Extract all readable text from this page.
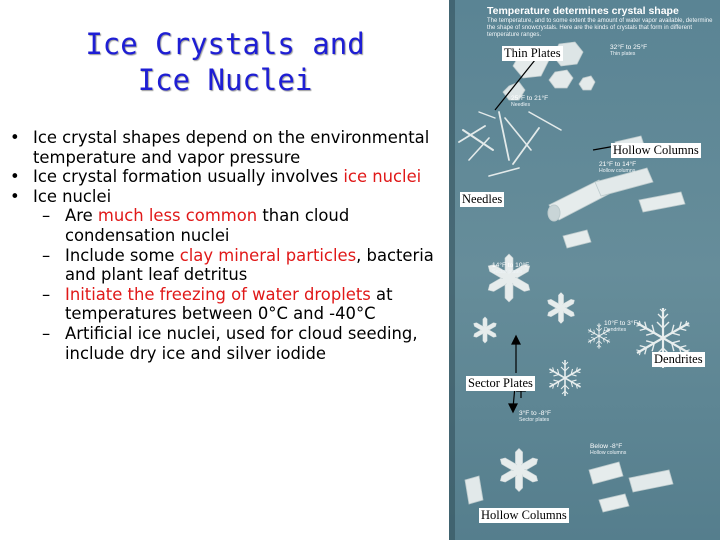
Ice Crystals and
Ice Nuclei
• Ice crystal shapes depend on the environmental temperature and vapor pressure
• Ice crystal formation usually involves ice nuclei
• Ice nuclei
– Are much less common than cloud condensation nuclei
– Include some clay mineral particles, bacteria and plant leaf detritus
– Initiate the freezing of water droplets at temperatures between 0°C and -40°C
– Artificial ice nuclei, used for cloud seeding, include dry ice and silver iodide
Temperature determines crystal shape
The temperature, and to some extent the amount of water vapor available, determine the shape of snowcrystals. Here are the kinds of crystals that form in different temperature ranges.
32°F to 25°F
Thin plates
25°F to 21°F
Needles
21°F to 14°F
Hollow columns
14°F to 10°F
Sector plates
10°F to 3°F
Dendrites
3°F to -8°F
Sector plates
Below -8°F
Hollow columns
Thin Plates
Hollow Columns
Needles
Dendrites
Sector Plates
Hollow Columns
